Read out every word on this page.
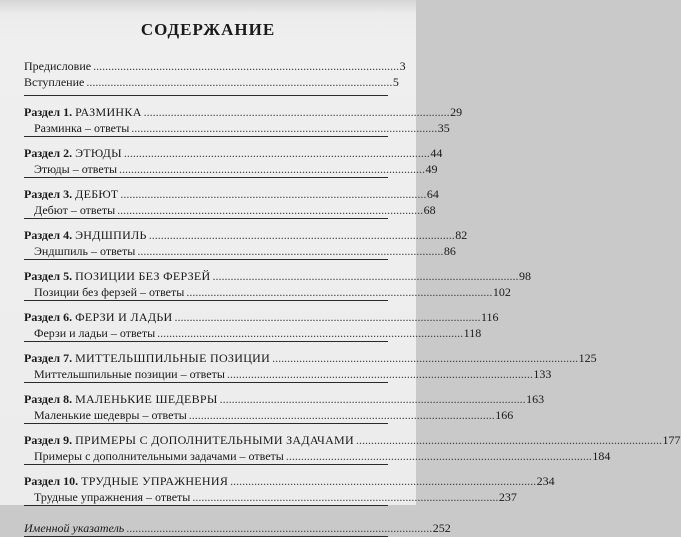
СОДЕРЖАНИЕ
Предисловие . . .	3
Вступление . . .	5
Раздел 1. РАЗМИНКА . . .	29
Разминка – ответы . . .	35
Раздел 2. ЭТЮДЫ . . .	44
Этюды – ответы . . .	49
Раздел 3. ДЕБЮТ . . .	64
Дебют – ответы . . .	68
Раздел 4. ЭНДШПИЛЬ . . .	82
Эндшпиль – ответы . . .	86
Раздел 5. ПОЗИЦИИ БЕЗ ФЕРЗЕЙ . . .	98
Позиции без ферзей – ответы . . .	102
Раздел 6. ФЕРЗИ И ЛАДЬИ . . .	116
Ферзи и ладьи – ответы . . .	118
Раздел 7. МИТТЕЛЬШПИЛЬНЫЕ ПОЗИЦИИ . . .	125
Миттельшпильные позиции – ответы . . .	133
Раздел 8. МАЛЕНЬКИЕ ШЕДЕВРЫ . . .	163
Маленькие шедевры – ответы . . .	166
Раздел 9. ПРИМЕРЫ С ДОПОЛНИТЕЛЬНЫМИ ЗАДАЧАМИ . . .	177
Примеры с дополнительными задачами – ответы . . .	184
Раздел 10. ТРУДНЫЕ УПРАЖНЕНИЯ . . .	234
Трудные упражнения – ответы . . .	237
Именной указатель . . .	252
